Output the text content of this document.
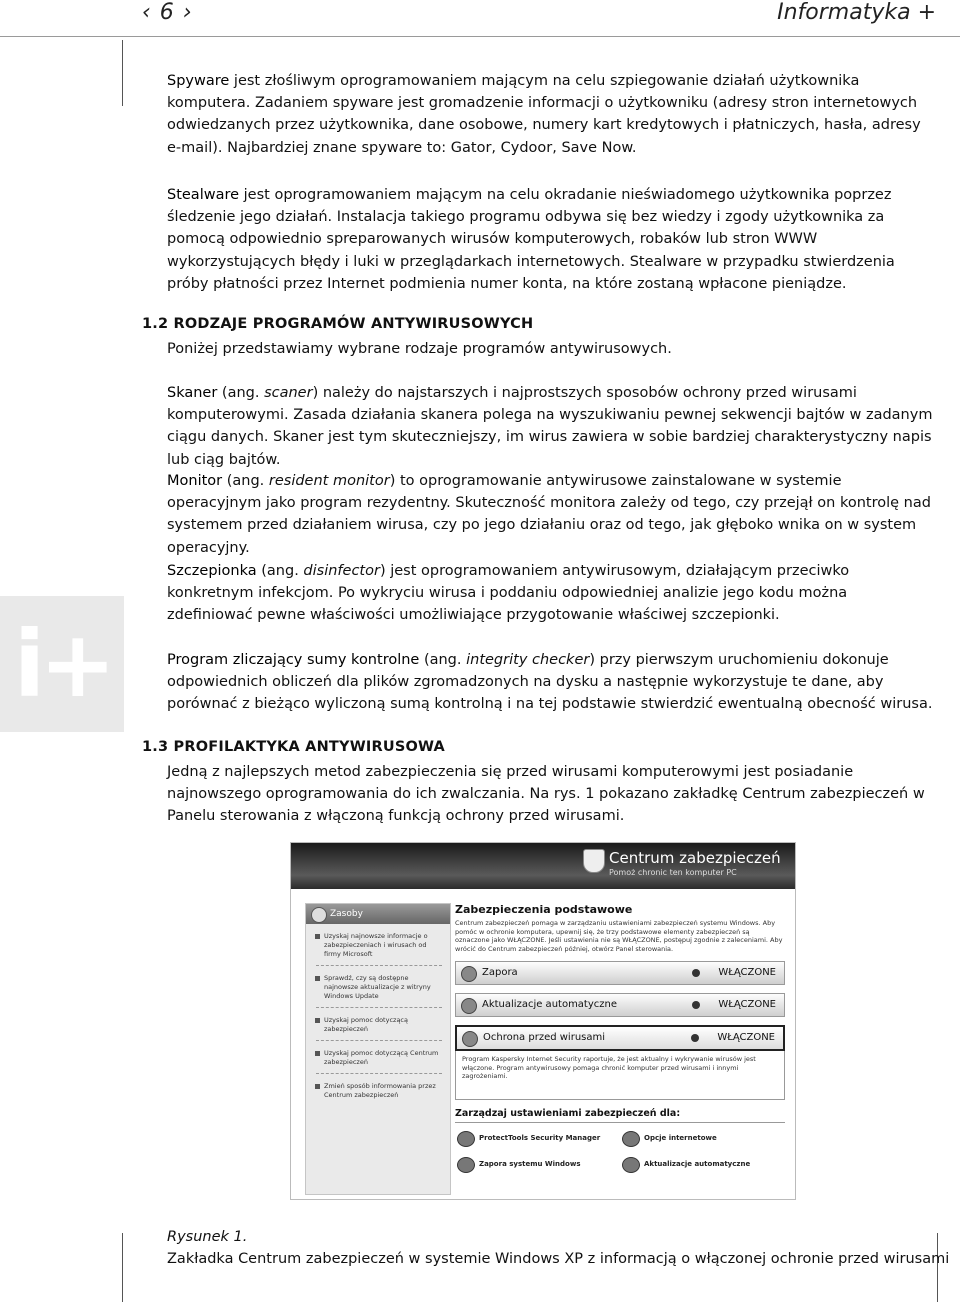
‹ 6 ›	Informatyka +
i+

Spyware jest złośliwym oprogramowaniem mającym na celu szpiegowanie działań użytkownika komputera. Zadaniem spyware jest gromadzenie informacji o użytkowniku (adresy stron internetowych odwiedzanych przez użytkownika, dane osobowe, numery kart kredytowych i płatniczych, hasła, adresy e-mail). Najbardziej znane spyware to: Gator, Cydoor, Save Now.

Stealware jest oprogramowaniem mającym na celu okradanie nieświadomego użytkownika poprzez śledzenie jego działań. Instalacja takiego programu odbywa się bez wiedzy i zgody użytkownika za pomocą odpowiednio spreparowanych wirusów komputerowych, robaków lub stron WWW wykorzystujących błędy i luki w przeglądarkach internetowych. Stealware w przypadku stwierdzenia próby płatności przez Internet podmienia numer konta, na które zostaną wpłacone pieniądze.

1.2 RODZAJE PROGRAMÓW ANTYWIRUSOWYCH

Poniżej przedstawiamy wybrane rodzaje programów antywirusowych.

Skaner (ang. scaner) należy do najstarszych i najprostszych sposobów ochrony przed wirusami komputerowymi. Zasada działania skanera polega na wyszukiwaniu pewnej sekwencji bajtów w zadanym ciągu danych. Skaner jest tym skuteczniejszy, im wirus zawiera w sobie bardziej charakterystyczny napis lub ciąg bajtów.

Monitor (ang. resident monitor) to oprogramowanie antywirusowe zainstalowane w systemie operacyjnym jako program rezydentny. Skuteczność monitora zależy od tego, czy przejął on kontrolę nad systemem przed działaniem wirusa, czy po jego działaniu oraz od tego, jak głęboko wnika on w system operacyjny.

Szczepionka (ang. disinfector) jest oprogramowaniem antywirusowym, działającym przeciwko konkretnym infekcjom. Po wykryciu wirusa i poddaniu odpowiedniej analizie jego kodu można zdefiniować pewne właściwości umożliwiające przygotowanie właściwej szczepionki.

Program zliczający sumy kontrolne (ang. integrity checker) przy pierwszym uruchomieniu dokonuje odpowiednich obliczeń dla plików zgromadzonych na dysku a następnie wykorzystuje te dane, aby porównać z bieżąco wyliczoną sumą kontrolną i na tej podstawie stwierdzić ewentualną obecność wirusa.

1.3 PROFILAKTYKA ANTYWIRUSOWA

Jedną z najlepszych metod zabezpieczenia się przed wirusami komputerowymi jest posiadanie najnowszego oprogramowania do ich zwalczania. Na rys. 1 pokazano zakładkę Centrum zabezpieczeń w Panelu sterowania z włączoną funkcją ochrony przed wirusami.

Centrum zabezpieczeń
Pomoż chronic ten komputer PC
Zasoby
Uzyskaj najnowsze informacje o zabezpieczeniach i wirusach od firmy Microsoft
Sprawdź, czy są dostępne najnowsze aktualizacje z witryny Windows Update
Uzyskaj pomoc dotyczącą zabezpieczeń
Uzyskaj pomoc dotyczącą Centrum zabezpieczeń
Zmień sposób informowania przez Centrum zabezpieczeń
Zabezpieczenia podstawowe
Centrum zabezpieczeń pomaga w zarządzaniu ustawieniami zabezpieczeń systemu Windows. Aby pomóc w ochronie komputera, upewnij się, że trzy podstawowe elementy zabezpieczeń są oznaczone jako WŁĄCZONE. Jeśli ustawienia nie są WŁĄCZONE, postępuj zgodnie z zaleceniami. Aby wrócić do Centrum zabezpieczeń później, otwórz Panel sterowania.
Zapora	WŁĄCZONE
Aktualizacje automatyczne	WŁĄCZONE
Ochrona przed wirusami	WŁĄCZONE
Program Kaspersky Internet Security raportuje, że jest aktualny i wykrywanie wirusów jest włączone. Program antywirusowy pomaga chronić komputer przed wirusami i innymi zagrożeniami.
Zarządzaj ustawieniami zabezpieczeń dla:
ProtectTools Security Manager	Opcje internetowe
Zapora systemu Windows	Aktualizacje automatyczne
Rysunek 1.
Zakładka Centrum zabezpieczeń w systemie Windows XP z informacją o włączonej ochronie przed wirusami
